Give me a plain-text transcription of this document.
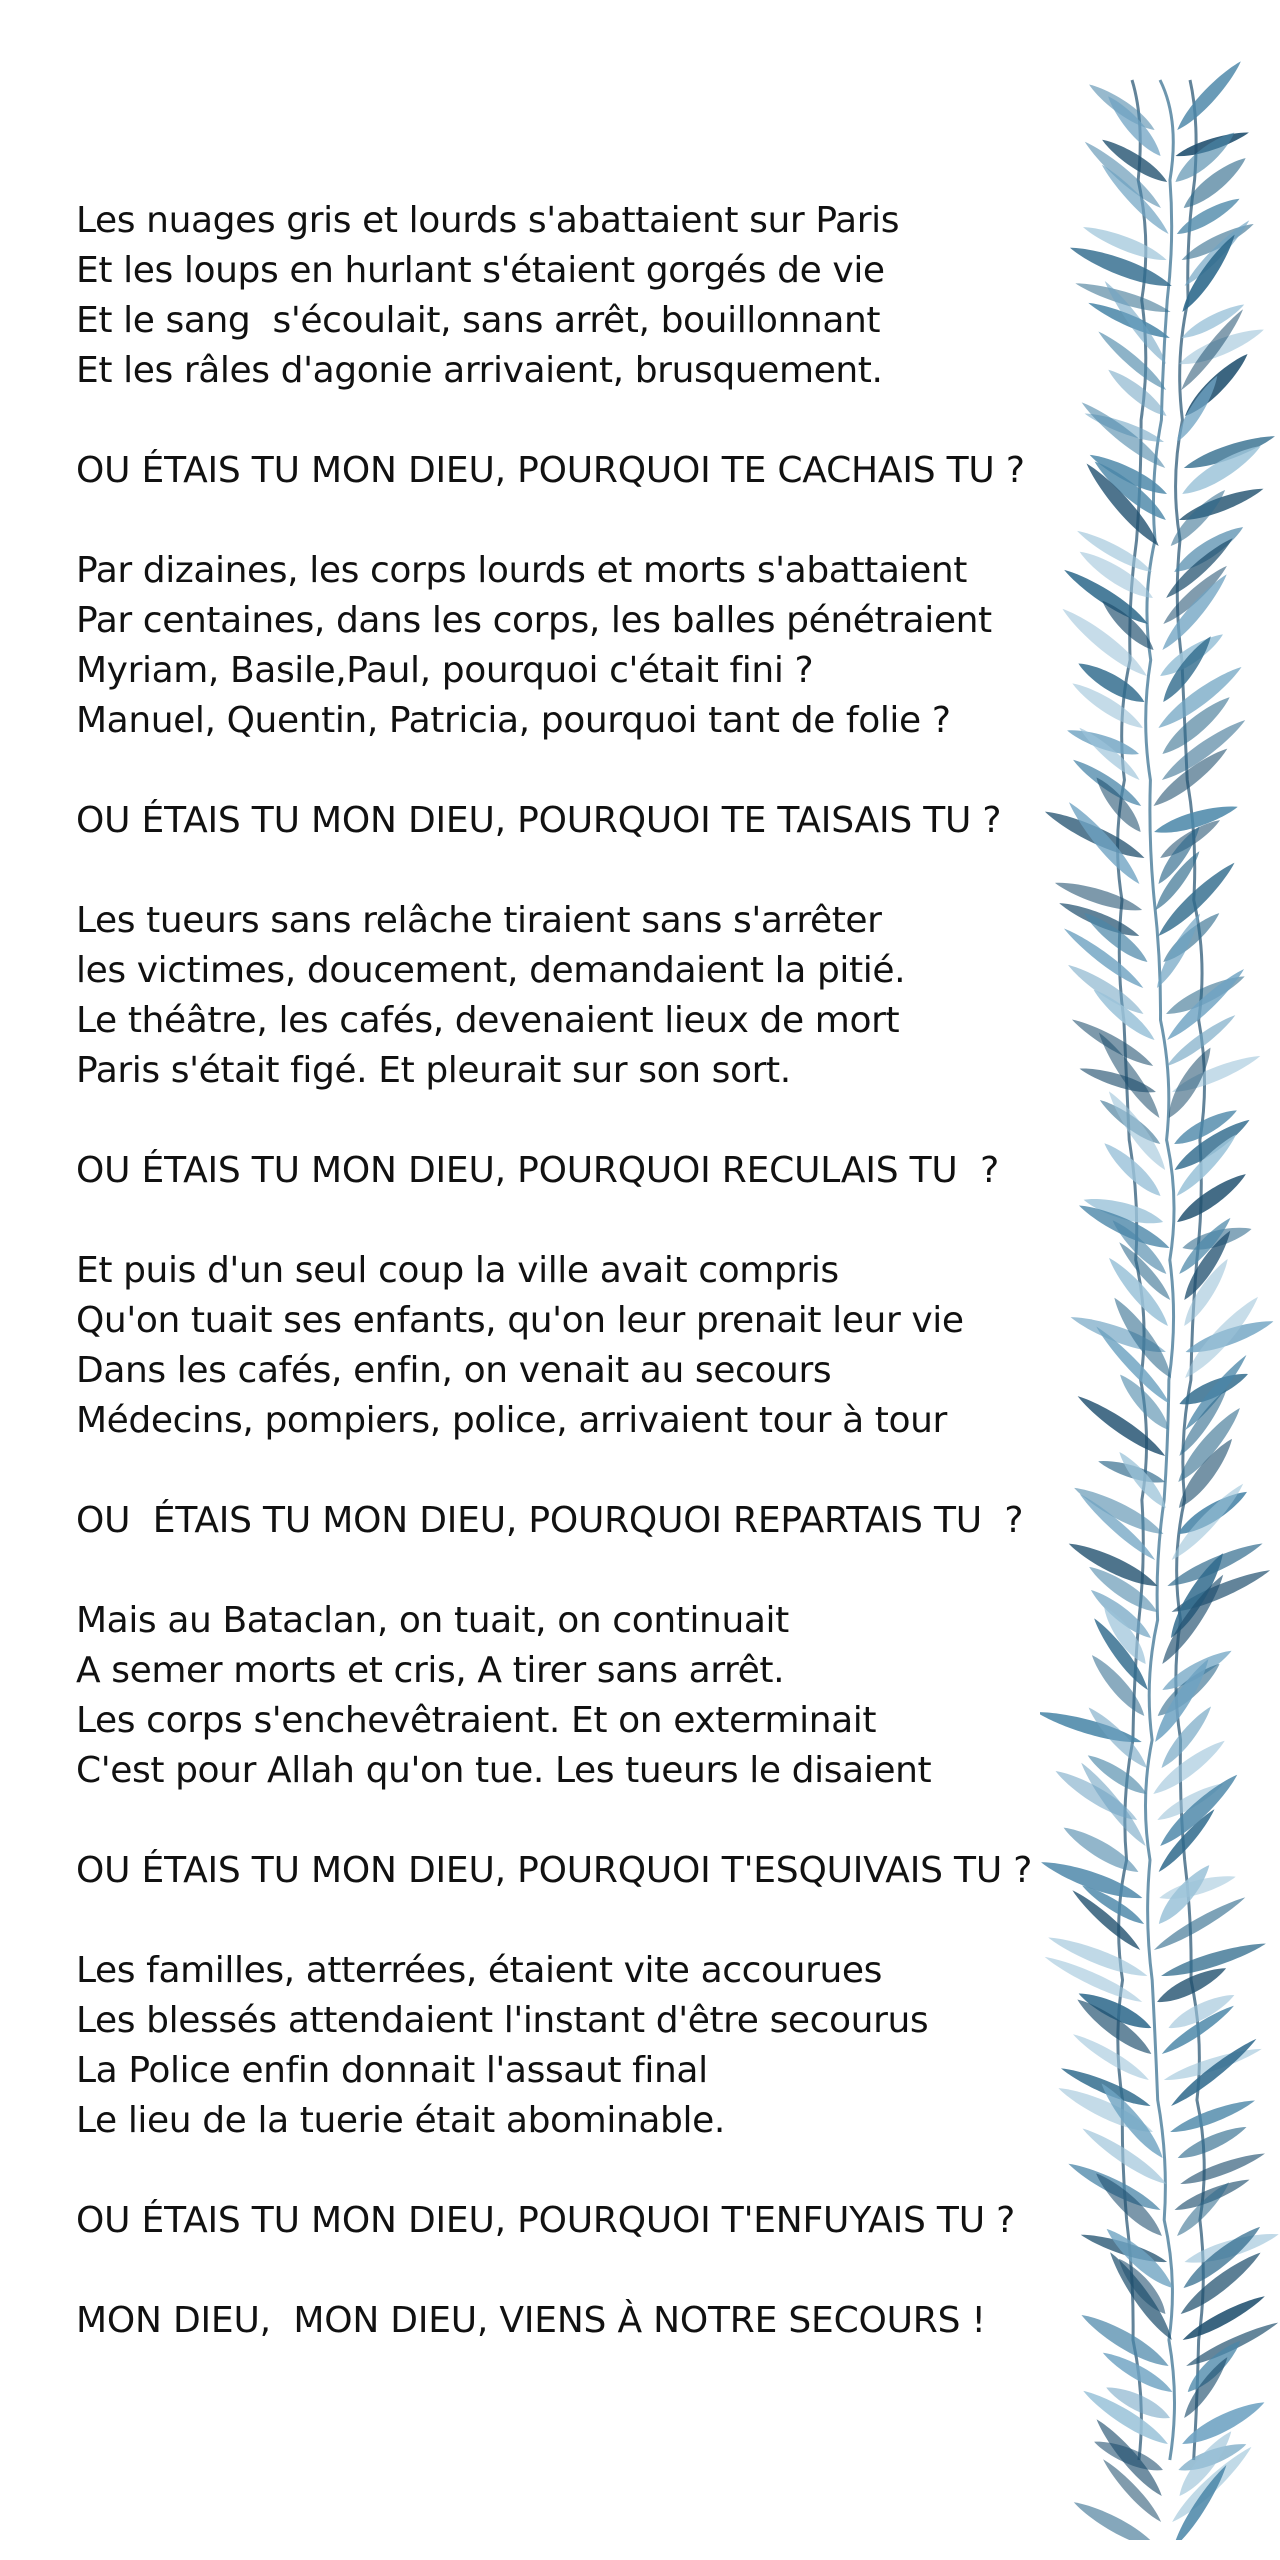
Les nuages gris et lourds s'abattaient sur Paris
Et les loups en hurlant s'étaient gorgés de vie
Et le sang  s'écoulait, sans arrêt, bouillonnant
Et les râles d'agonie arrivaient, brusquement.
OU ÉTAIS TU MON DIEU, POURQUOI TE CACHAIS TU ?
Par dizaines, les corps lourds et morts s'abattaient
Par centaines, dans les corps, les balles pénétraient
Myriam, Basile,Paul, pourquoi c'était fini ?
Manuel, Quentin, Patricia, pourquoi tant de folie ?
OU ÉTAIS TU MON DIEU, POURQUOI TE TAISAIS TU ?
Les tueurs sans relâche tiraient sans s'arrêter
les victimes, doucement, demandaient la pitié.
Le théâtre, les cafés, devenaient lieux de mort
Paris s'était figé. Et pleurait sur son sort.
OU ÉTAIS TU MON DIEU, POURQUOI RECULAIS TU  ?
Et puis d'un seul coup la ville avait compris
Qu'on tuait ses enfants, qu'on leur prenait leur vie
Dans les cafés, enfin, on venait au secours
Médecins, pompiers, police, arrivaient tour à tour
OU  ÉTAIS TU MON DIEU, POURQUOI REPARTAIS TU  ?
Mais au Bataclan, on tuait, on continuait
A semer morts et cris, A tirer sans arrêt.
Les corps s'enchevêtraient. Et on exterminait
C'est pour Allah qu'on tue. Les tueurs le disaient
OU ÉTAIS TU MON DIEU, POURQUOI T'ESQUIVAIS TU ?
Les familles, atterrées, étaient vite accourues
Les blessés attendaient l'instant d'être secourus
La Police enfin donnait l'assaut final
Le lieu de la tuerie était abominable.
OU ÉTAIS TU MON DIEU, POURQUOI T'ENFUYAIS TU ?
MON DIEU,  MON DIEU, VIENS À NOTRE SECOURS !
